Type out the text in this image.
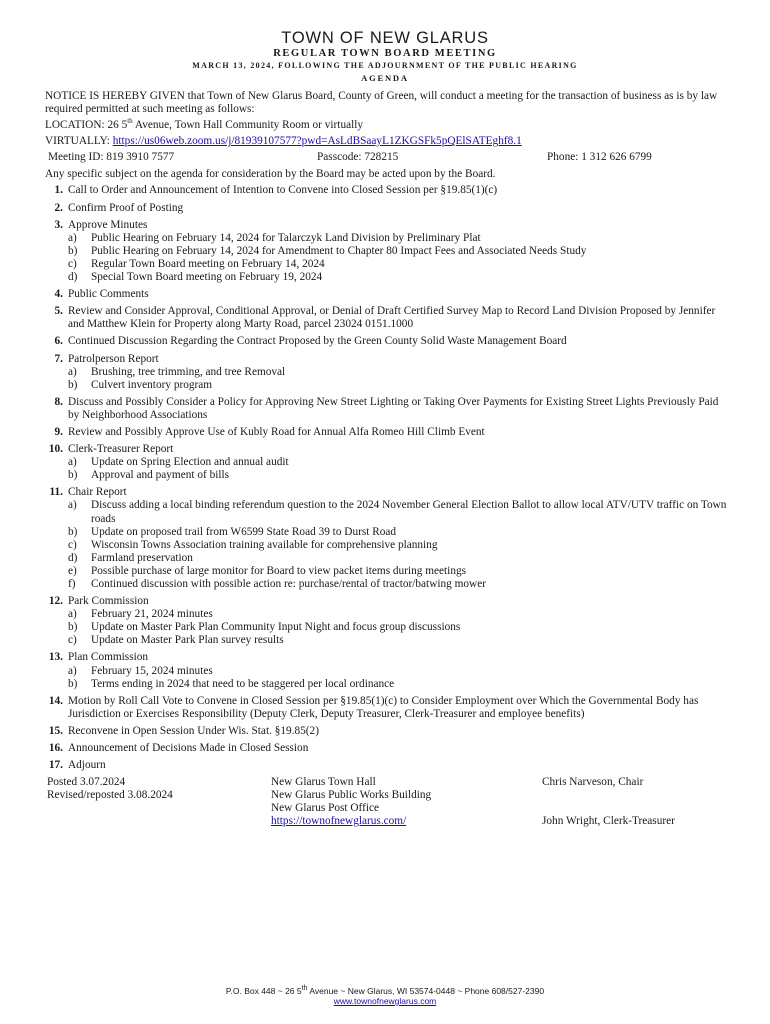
TOWN OF NEW GLARUS
REGULAR TOWN BOARD MEETING
MARCH 13, 2024, FOLLOWING THE ADJOURNMENT OF THE PUBLIC HEARING
AGENDA

NOTICE IS HEREBY GIVEN that Town of New Glarus Board, County of Green, will conduct a meeting for the transaction of business as is by law required permitted at such meeting as follows:

LOCATION: 26 5th Avenue, Town Hall Community Room or virtually

VIRTUALLY: https://us06web.zoom.us/j/81939107577?pwd=AsLdBSaayL1ZKGSFk5pQElSATEghf8.1

Meeting ID: 819 3910 7577	Passcode: 728215	Phone: 1 312 626 6799

Any specific subject on the agenda for consideration by the Board may be acted upon by the Board.

1. Call to Order and Announcement of Intention to Convene into Closed Session per §19.85(1)(c)
2. Confirm Proof of Posting
3. Approve Minutes
a) Public Hearing on February 14, 2024 for Talarczyk Land Division by Preliminary Plat
b) Public Hearing on February 14, 2024 for Amendment to Chapter 80 Impact Fees and Associated Needs Study
c) Regular Town Board meeting on February 14, 2024
d) Special Town Board meeting on February 19, 2024
4. Public Comments
5. Review and Consider Approval, Conditional Approval, or Denial of Draft Certified Survey Map to Record Land Division Proposed by Jennifer and Matthew Klein for Property along Marty Road, parcel 23024 0151.1000
6. Continued Discussion Regarding the Contract Proposed by the Green County Solid Waste Management Board
7. Patrolperson Report
a) Brushing, tree trimming, and tree Removal
b) Culvert inventory program
8. Discuss and Possibly Consider a Policy for Approving New Street Lighting or Taking Over Payments for Existing Street Lights Previously Paid by Neighborhood Associations
9. Review and Possibly Approve Use of Kubly Road for Annual Alfa Romeo Hill Climb Event
10. Clerk-Treasurer Report
a) Update on Spring Election and annual audit
b) Approval and payment of bills
11. Chair Report
a) Discuss adding a local binding referendum question to the 2024 November General Election Ballot to allow local ATV/UTV traffic on Town roads
b) Update on proposed trail from W6599 State Road 39 to Durst Road
c) Wisconsin Towns Association training available for comprehensive planning
d) Farmland preservation
e) Possible purchase of large monitor for Board to view packet items during meetings
f) Continued discussion with possible action re: purchase/rental of tractor/batwing mower
12. Park Commission
a) February 21, 2024 minutes
b) Update on Master Park Plan Community Input Night and focus group discussions
c) Update on Master Park Plan survey results
13. Plan Commission
a) February 15, 2024 minutes
b) Terms ending in 2024 that need to be staggered per local ordinance
14. Motion by Roll Call Vote to Convene in Closed Session per §19.85(1)(c) to Consider Employment over Which the Governmental Body has Jurisdiction or Exercises Responsibility (Deputy Clerk, Deputy Treasurer, Clerk-Treasurer and employee benefits)
15. Reconvene in Open Session Under Wis. Stat. §19.85(2)
16. Announcement of Decisions Made in Closed Session
17. Adjourn
Posted 3.07.2024
Revised/reposted 3.08.2024
New Glarus Town Hall
New Glarus Public Works Building
New Glarus Post Office
https://townofnewglarus.com/
Chris Narveson, Chair
John Wright, Clerk-Treasurer
P.O. Box 448 ~ 26 5th Avenue ~ New Glarus, WI 53574-0448 ~ Phone 608/527-2390
www.townofnewglarus.com
